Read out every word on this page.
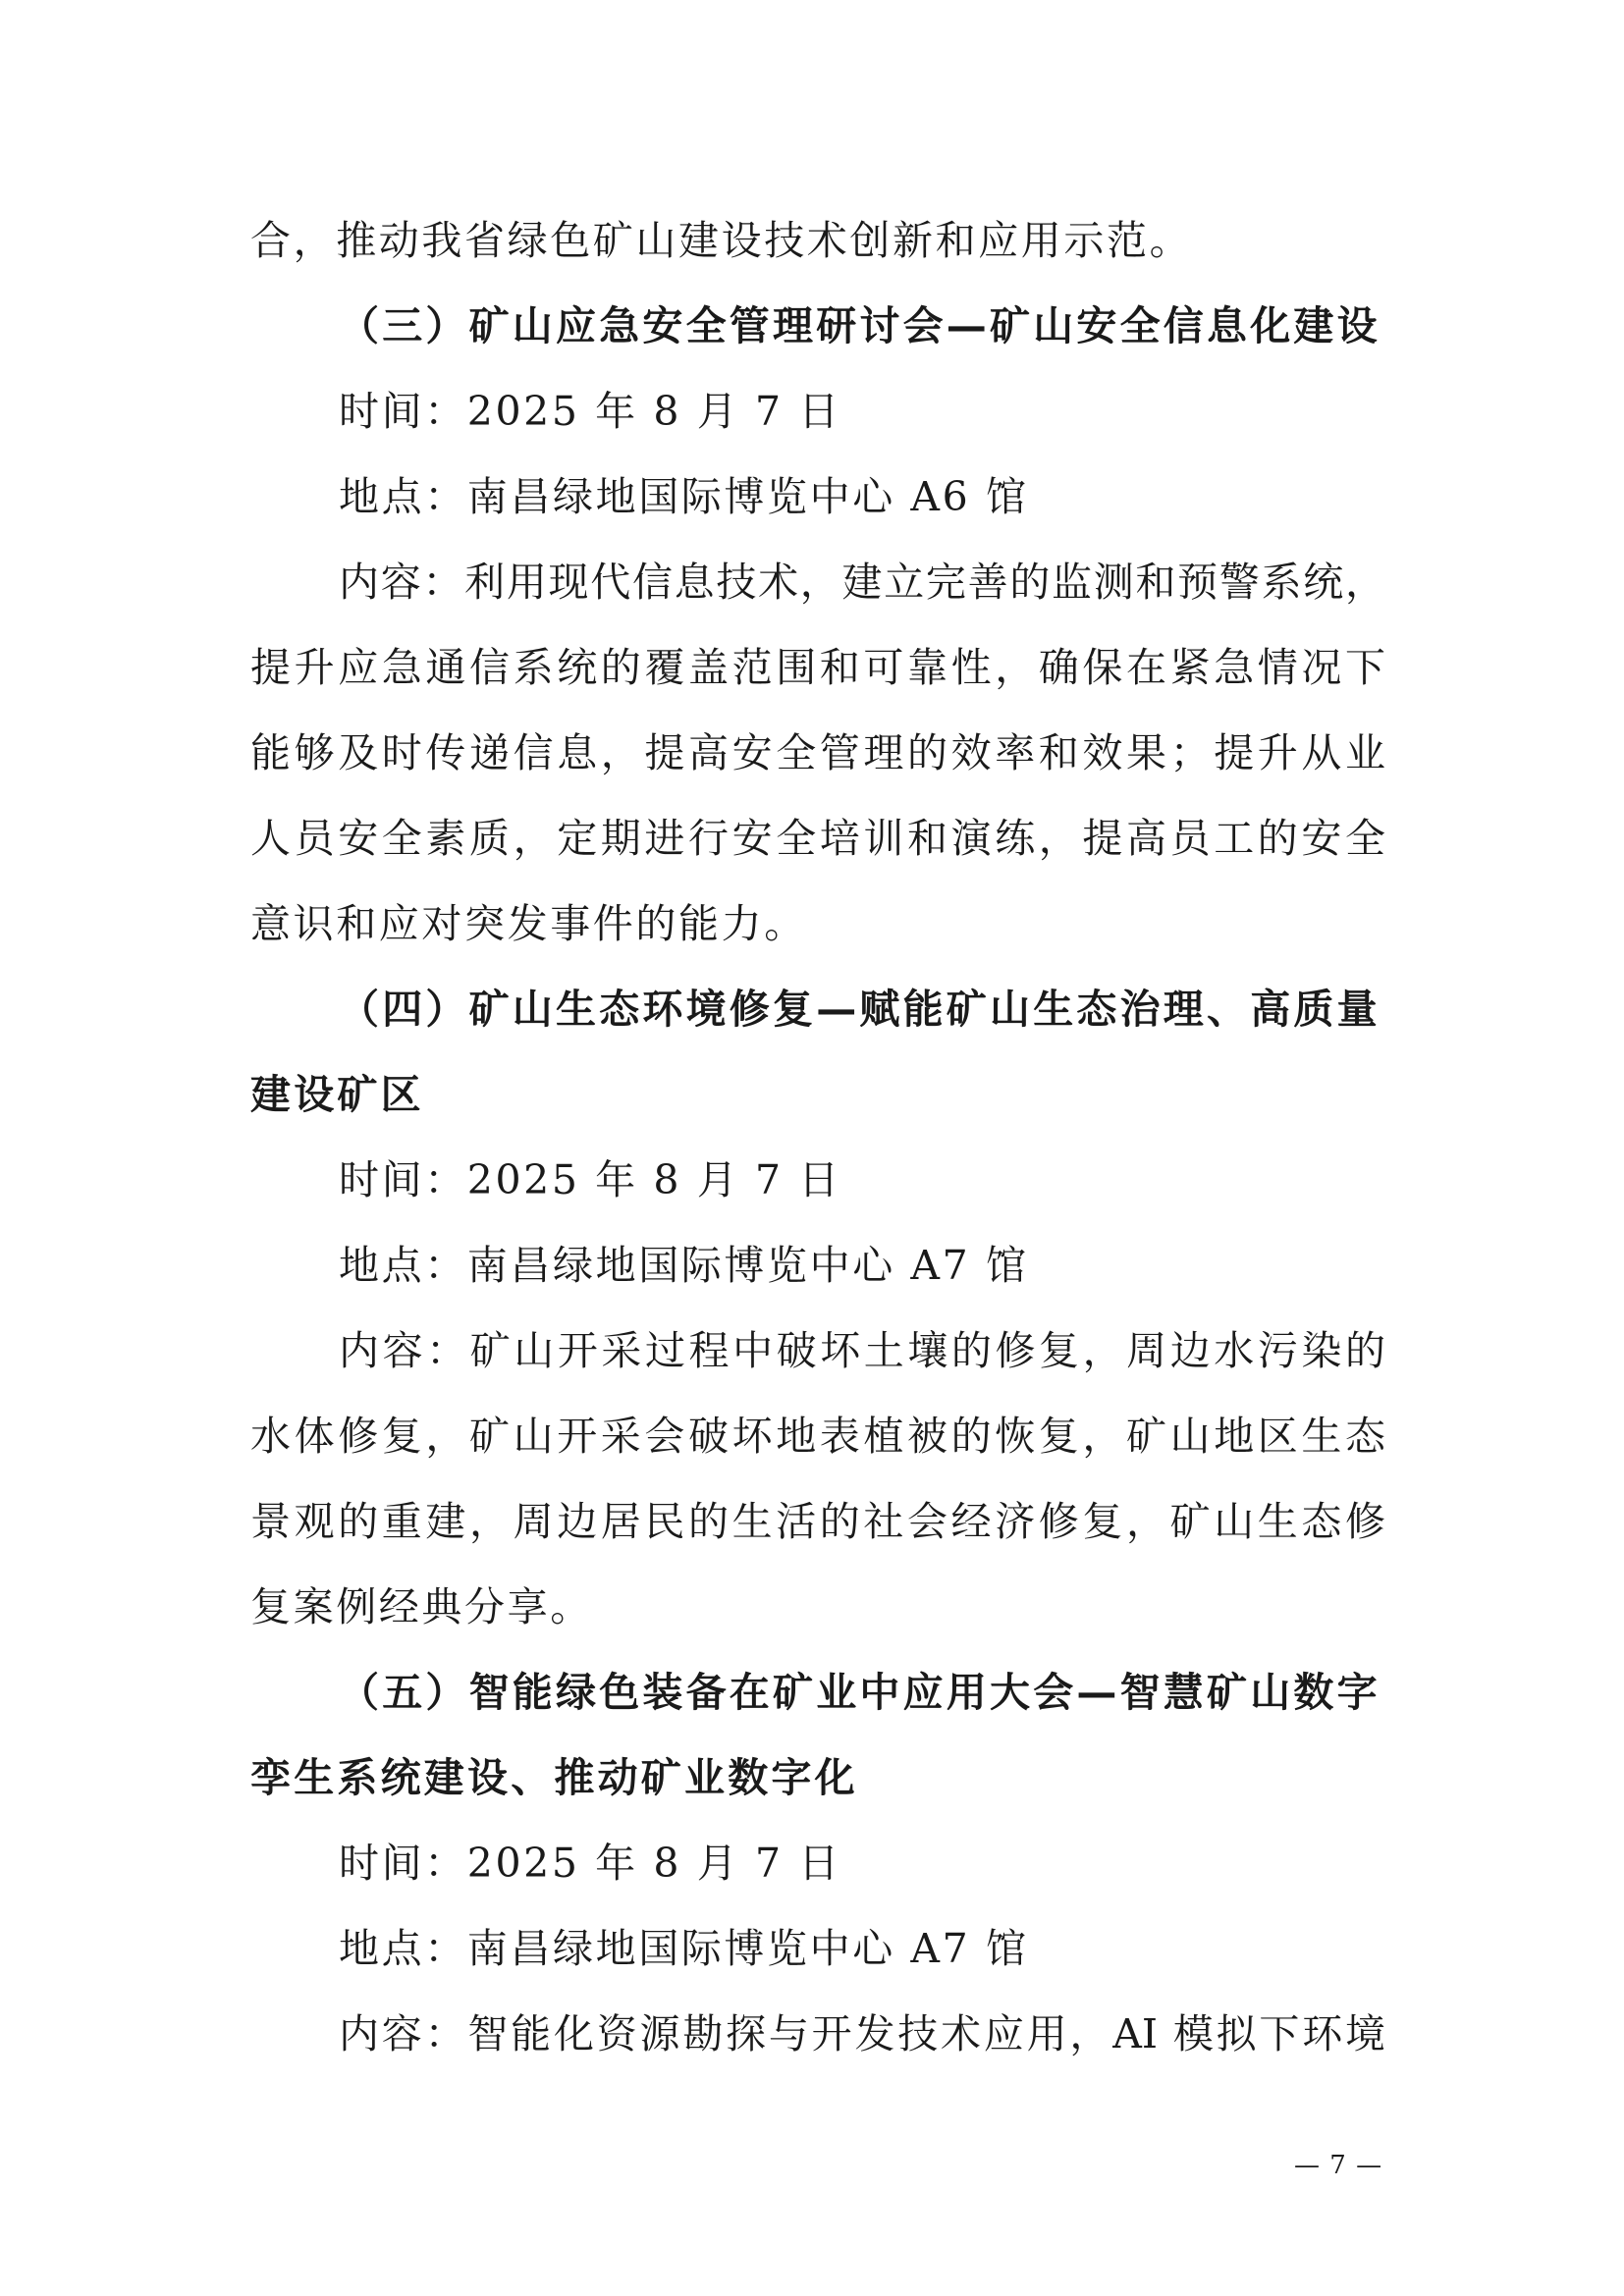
合，推动我省绿色矿山建设技术创新和应用示范。
（三）矿山应急安全管理研讨会—矿山安全信息化建设
时间：2025 年 8 月 7 日
地点：南昌绿地国际博览中心 A6 馆
内容：利用现代信息技术，建立完善的监测和预警系统，
提升应急通信系统的覆盖范围和可靠性，确保在紧急情况下
能够及时传递信息，提高安全管理的效率和效果；提升从业
人员安全素质，定期进行安全培训和演练，提高员工的安全
意识和应对突发事件的能力。
（四）矿山生态环境修复—赋能矿山生态治理、高质量
建设矿区
时间：2025 年 8 月 7 日
地点：南昌绿地国际博览中心 A7 馆
内容：矿山开采过程中破坏土壤的修复，周边水污染的
水体修复，矿山开采会破坏地表植被的恢复，矿山地区生态
景观的重建，周边居民的生活的社会经济修复，矿山生态修
复案例经典分享。
（五）智能绿色装备在矿业中应用大会—智慧矿山数字
孪生系统建设、推动矿业数字化
时间：2025 年 8 月 7 日
地点：南昌绿地国际博览中心 A7 馆
内容：智能化资源勘探与开发技术应用，AI 模拟下环境
— 7 —
